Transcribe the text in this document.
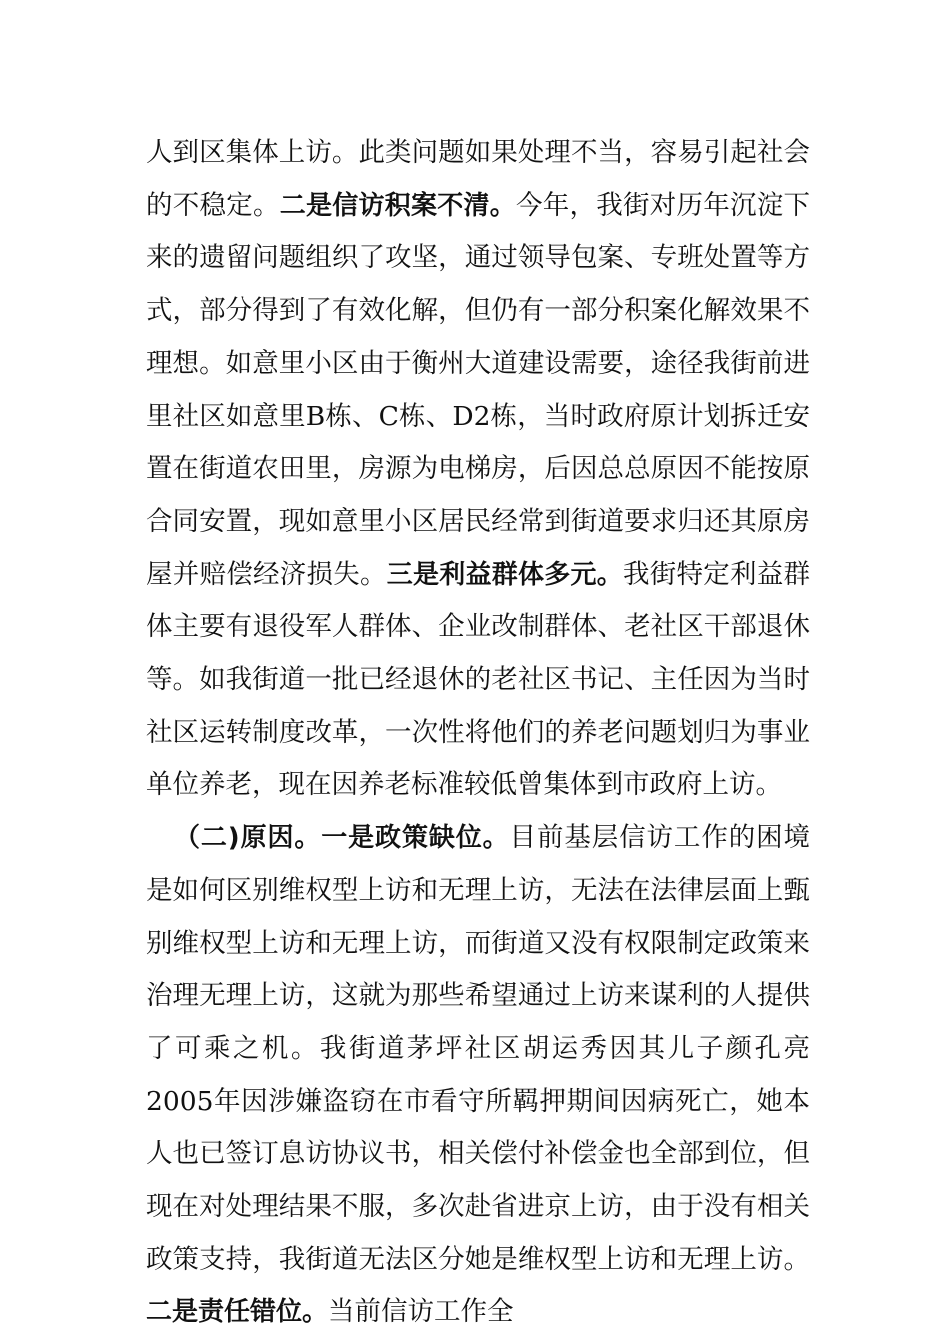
人到区集体上访。此类问题如果处理不当，容易引起社会的不稳定。二是信访积案不清。今年，我街对历年沉淀下来的遗留问题组织了攻坚，通过领导包案、专班处置等方式，部分得到了有效化解，但仍有一部分积案化解效果不理想。如意里小区由于衡州大道建设需要，途径我街前进里社区如意里B栋、C栋、D2栋，当时政府原计划拆迁安置在街道农田里，房源为电梯房，后因总总原因不能按原合同安置，现如意里小区居民经常到街道要求归还其原房屋并赔偿经济损失。三是利益群体多元。我街特定利益群体主要有退役军人群体、企业改制群体、老社区干部退休等。如我街道一批已经退休的老社区书记、主任因为当时社区运转制度改革，一次性将他们的养老问题划归为事业单位养老，现在因养老标准较低曾集体到市政府上访。

（二)原因。一是政策缺位。目前基层信访工作的困境是如何区别维权型上访和无理上访，无法在法律层面上甄别维权型上访和无理上访，而街道又没有权限制定政策来治理无理上访，这就为那些希望通过上访来谋利的人提供了可乘之机。我街道茅坪社区胡运秀因其儿子颜孔亮2005年因涉嫌盗窃在市看守所羁押期间因病死亡，她本人也已签订息访协议书，相关偿付补偿金也全部到位，但现在对处理结果不服，多次赴省进京上访，由于没有相关政策支持，我街道无法区分她是维权型上访和无理上访。二是责任错位。当前信访工作全
